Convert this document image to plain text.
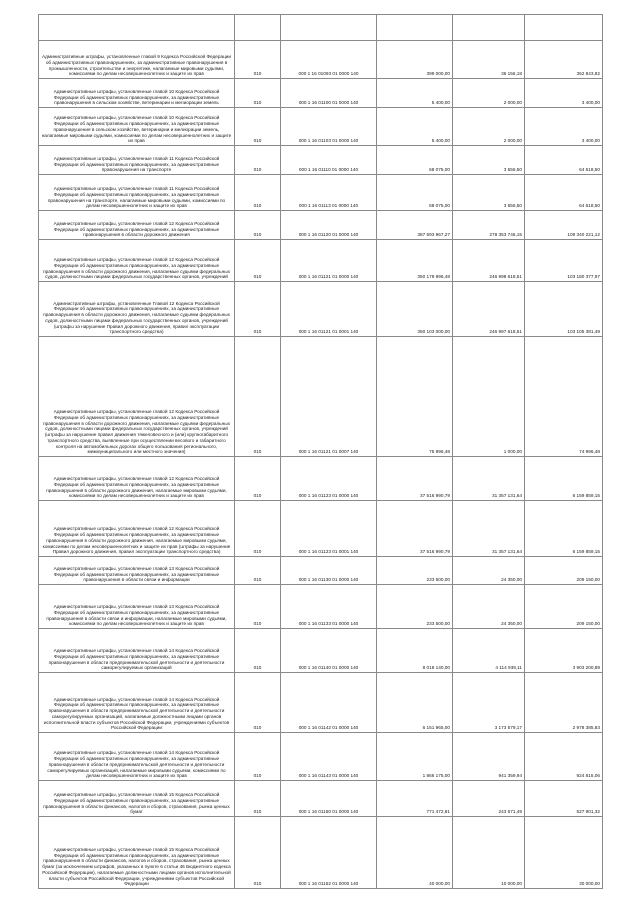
Административные штрафы, установленные главой 9 Кодекса Российской Федерации об административных правонарушениях, за административные правонарушения в промышленности, строительстве и энергетике, налагаемые мировыми судьями, комиссиями по делам несовершеннолетних и защите их прав	010	000 1 16 01093 01 0000 140	399 000,00	36 156,18	362 843,82
Административные штрафы, установленные главой 10 Кодекса Российской Федерации об административных правонарушениях, за административные правонарушения в сельском хозяйстве, ветеринарии и мелиорации земель	010	000 1 16 01100 01 0000 140	5 400,00	2 000,00	3 400,00
Административные штрафы, установленные главой 10 Кодекса Российской Федерации об административных правонарушениях, за административные правонарушения в сельском хозяйстве, ветеринарии и мелиорации земель, налагаемые мировыми судьями, комиссиями по делам несовершеннолетних и защите их прав	010	000 1 16 01103 01 0000 140	5 400,00	2 000,00	3 400,00
Административные штрафы, установленные главой 11 Кодекса Российской Федерации об административных правонарушениях, за административные правонарушения на транспорте	010	000 1 16 01110 01 0000 140	68 075,00	3 556,50	64 518,50
Административные штрафы, установленные главой 11 Кодекса Российской Федерации об административных правонарушениях, за административные правонарушения на транспорте, налагаемые мировыми судьями, комиссиями по делам несовершеннолетних и защите их прав	010	000 1 16 01113 01 0000 140	68 075,00	3 556,50	64 518,50
Административные штрафы, установленные главой 12 Кодекса Российской Федерации об административных правонарушениях, за административные правонарушения в области дорожного движения	010	000 1 16 01120 01 0000 140	387 693 967,27	278 353 746,15	109 340 221,12
Административные штрафы, установленные главой 12 Кодекса Российской Федерации об административных правонарушениях, за административные правонарушения в области дорожного движения, налагаемые судьями федеральных судов, должностными лицами федеральных государственных органов, учреждений	010	000 1 16 01121 01 0000 140	350 178 996,48	246 998 618,51	103 180 377,97
Административные штрафы, установленные Главой 12 Кодекса Российской Федерации об административных правонарушениях, за административные правонарушения в области дорожного движения, налагаемые судьями федеральных судов, должностными лицами федеральных государственных органов, учреждений (штрафы за нарушение Правил дорожного движения, правил эксплуатации транспортного средства)	010	000 1 16 01121 01 0001 140	350 103 000,00	246 997 618,51	103 105 381,49
Административные штрафы, установленные главой 12 Кодекса Российской Федерации об административных правонарушениях, за административные правонарушения в области дорожного движения, налагаемые судьями федеральных судов, должностными лицами федеральных государственных органов, учреждений (штрафы за нарушение правил движения тяжеловесного и (или) крупногабаритного транспортного средства, выявленные при осуществлении весового и габаритного контроля на автомобильных дорогах общего пользования регионального, межмуниципального или местного значения)	010	000 1 16 01121 01 0007 140	75 996,48	1 000,00	74 996,48
Административные штрафы, установленные главой 12 Кодекса Российской Федерации об административных правонарушениях, за административные правонарушения в области дорожного движения, налагаемые мировыми судьями, комиссиями по делам несовершеннолетних и защите их прав	010	000 1 16 01123 01 0000 140	37 516 990,79	31 357 131,64	6 159 859,15
Административные штрафы, установленные главой 12 Кодекса Российской Федерации об административных правонарушениях, за административные правонарушения в области дорожного движения, налагаемые мировыми судьями, комиссиями по делам несовершеннолетних и защите их прав (штрафы за нарушение Правил дорожного движения, правил эксплуатации транспортного средства)	010	000 1 16 01123 01 0001 140	37 516 990,79	31 357 131,64	6 159 859,15
Административные штрафы, установленные главой 13 Кодекса Российской Федерации об административных правонарушениях, за административные правонарушения в области связи и информации	010	000 1 16 01130 01 0000 140	233 500,00	24 350,00	209 150,00
Административные штрафы, установленные главой 13 Кодекса Российской Федерации об административных правонарушениях, за административные правонарушения в области связи и информации, налагаемые мировыми судьями, комиссиями по делам несовершеннолетних и защите их прав	010	000 1 16 01133 01 0000 140	233 500,00	24 350,00	209 150,00
Административные штрафы, установленные главой 14 Кодекса Российской Федерации об административных правонарушениях, за административные правонарушения в области предпринимательской деятельности и деятельности саморегулируемых организаций	010	000 1 16 01140 01 0000 140	8 018 140,00	4 114 939,11	3 903 200,89
Административные штрафы, установленные главой 14 Кодекса Российской Федерации об административных правонарушениях, за административные правонарушения в области предпринимательской деятельности и деятельности саморегулируемых организаций, налагаемые должностными лицами органов исполнительной власти субъектов Российской Федерации, учреждениями субъектов Российской Федерации	010	000 1 16 01142 01 0000 140	6 151 965,00	3 173 579,17	2 978 385,83
Административные штрафы, установленные главой 14 Кодекса Российской Федерации об административных правонарушениях, за административные правонарушения в области предпринимательской деятельности и деятельности саморегулируемых организаций, налагаемые мировыми судьями, комиссиями по делам несовершеннолетних и защите их прав	010	000 1 16 01143 01 0000 140	1 866 175,00	941 359,94	924 815,06
Административные штрафы, установленные главой 15 Кодекса Российской Федерации об административных правонарушениях, за административные правонарушения в области финансов, налогов и сборов, страхования, рынка ценных бумаг	010	000 1 16 01150 01 0000 140	771 472,81	243 571,49	527 901,32
Административные штрафы, установленные главой 15 Кодекса Российской Федерации об административных правонарушениях, за административные правонарушения в области финансов, налогов и сборов, страхования, рынка ценных бумаг (за исключением штрафов, указанных в пункте 6 статьи 46 Бюджетного кодекса Российской Федерации), налагаемые должностными лицами органов исполнительной власти субъектов Российской Федерации, учреждениями субъектов Российской Федерации	010	000 1 16 01152 01 0000 140	40 000,00	10 000,00	30 000,00
